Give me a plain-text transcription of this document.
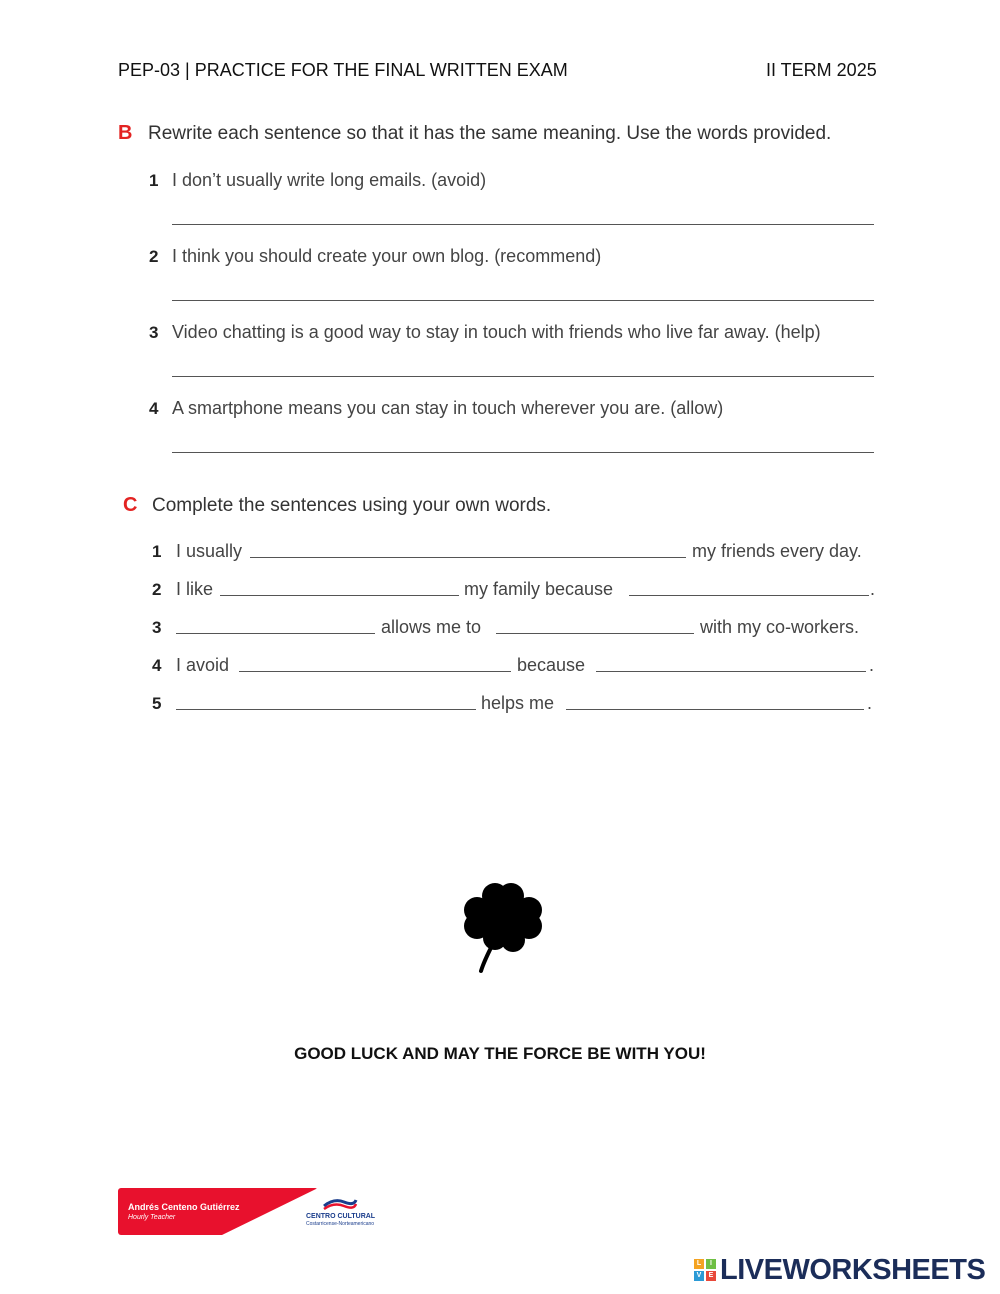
PEP-03 | PRACTICE FOR THE FINAL WRITTEN EXAM	II TERM 2025
B Rewrite each sentence so that it has the same meaning. Use the words provided.
1 I don’t usually write long emails. (avoid)
2 I think you should create your own blog. (recommend)
3 Video chatting is a good way to stay in touch with friends who live far away. (help)
4 A smartphone means you can stay in touch wherever you are. (allow)
C Complete the sentences using your own words.
1 I usually	my friends every day.
2 I like	my family because	.
3	allows me to	with my co-workers.
4 I avoid	because	.
5	helps me	.
GOOD LUCK AND MAY THE FORCE BE WITH YOU!
Andrés Centeno Gutiérrez
Hourly Teacher	CENTRO CULTURAL
Costarricense-Norteamericano
L	I
V	E LIVEWORKSHEETS
